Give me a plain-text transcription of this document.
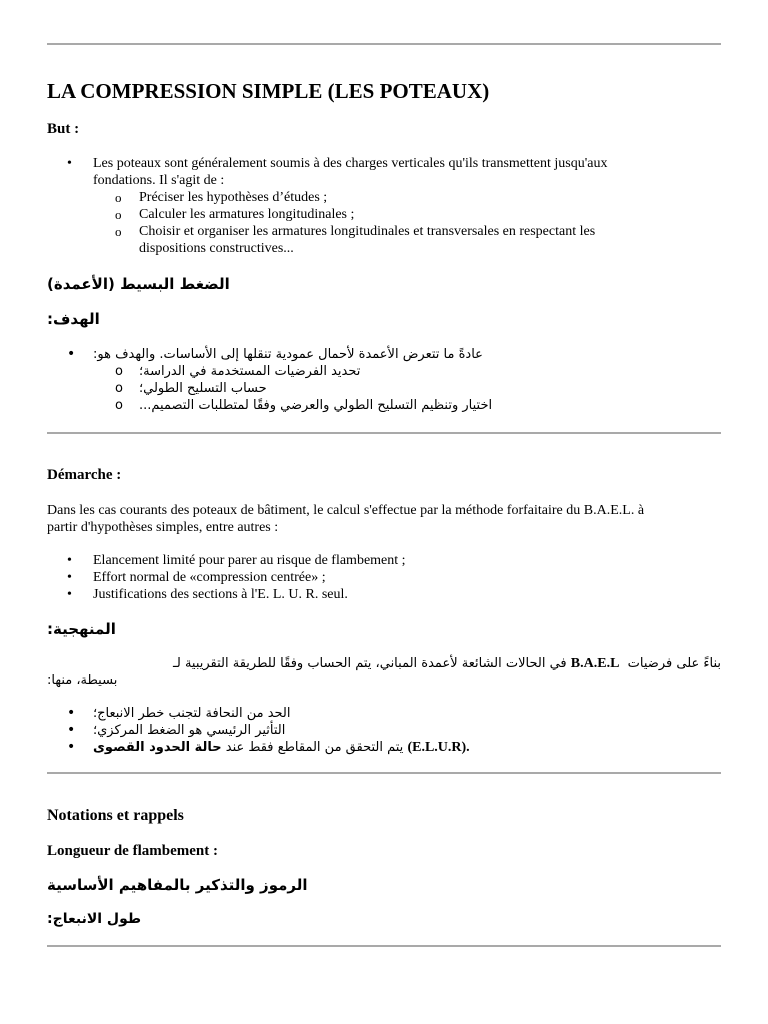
LA COMPRESSION SIMPLE (LES POTEAUX)
But :
• Les poteaux sont généralement soumis à des charges verticales qu'ils transmettent jusqu'aux
fondations. Il s'agit de :
o Préciser les hypothèses d’études ;
o Calculer les armatures longitudinales ;
o Choisir et organiser les armatures longitudinales et transversales en respectant les
dispositions constructives...
الضغط البسيط (الأعمدة)
الهدف:
• عادةً ما تتعرض الأعمدة لأحمال عمودية تنقلها إلى الأساسات. والهدف هو:
o تحديد الفرضيات المستخدمة في الدراسة؛
o حساب التسليح الطولي؛
o اختيار وتنظيم التسليح الطولي والعرضي وفقًا لمتطلبات التصميم...
Démarche :
Dans les cas courants des poteaux de bâtiment, le calcul s'effectue par la méthode forfaitaire du B.A.E.L. à
partir d'hypothèses simples, entre autres :
• Elancement limité pour parer au risque de flambement ;
• Effort normal de «compression centrée» ;
• Justifications des sections à l'E. L. U. R. seul.
المنهجية:
في الحالات الشائعة لأعمدة المباني، يتم الحساب وفقًا للطريقة التقريبية لـ B.A.E.L بناءً على فرضيات
بسيطة، منها:
• الحد من النحافة لتجنب خطر الانبعاج؛
• التأثير الرئيسي هو الضغط المركزي؛
• حالة الحدود القصوى يتم التحقق من المقاطع فقط عند (E.L.U.R).
Notations et rappels
Longueur de flambement :
الرموز والتذكير بالمفاهيم الأساسية
طول الانبعاج:
